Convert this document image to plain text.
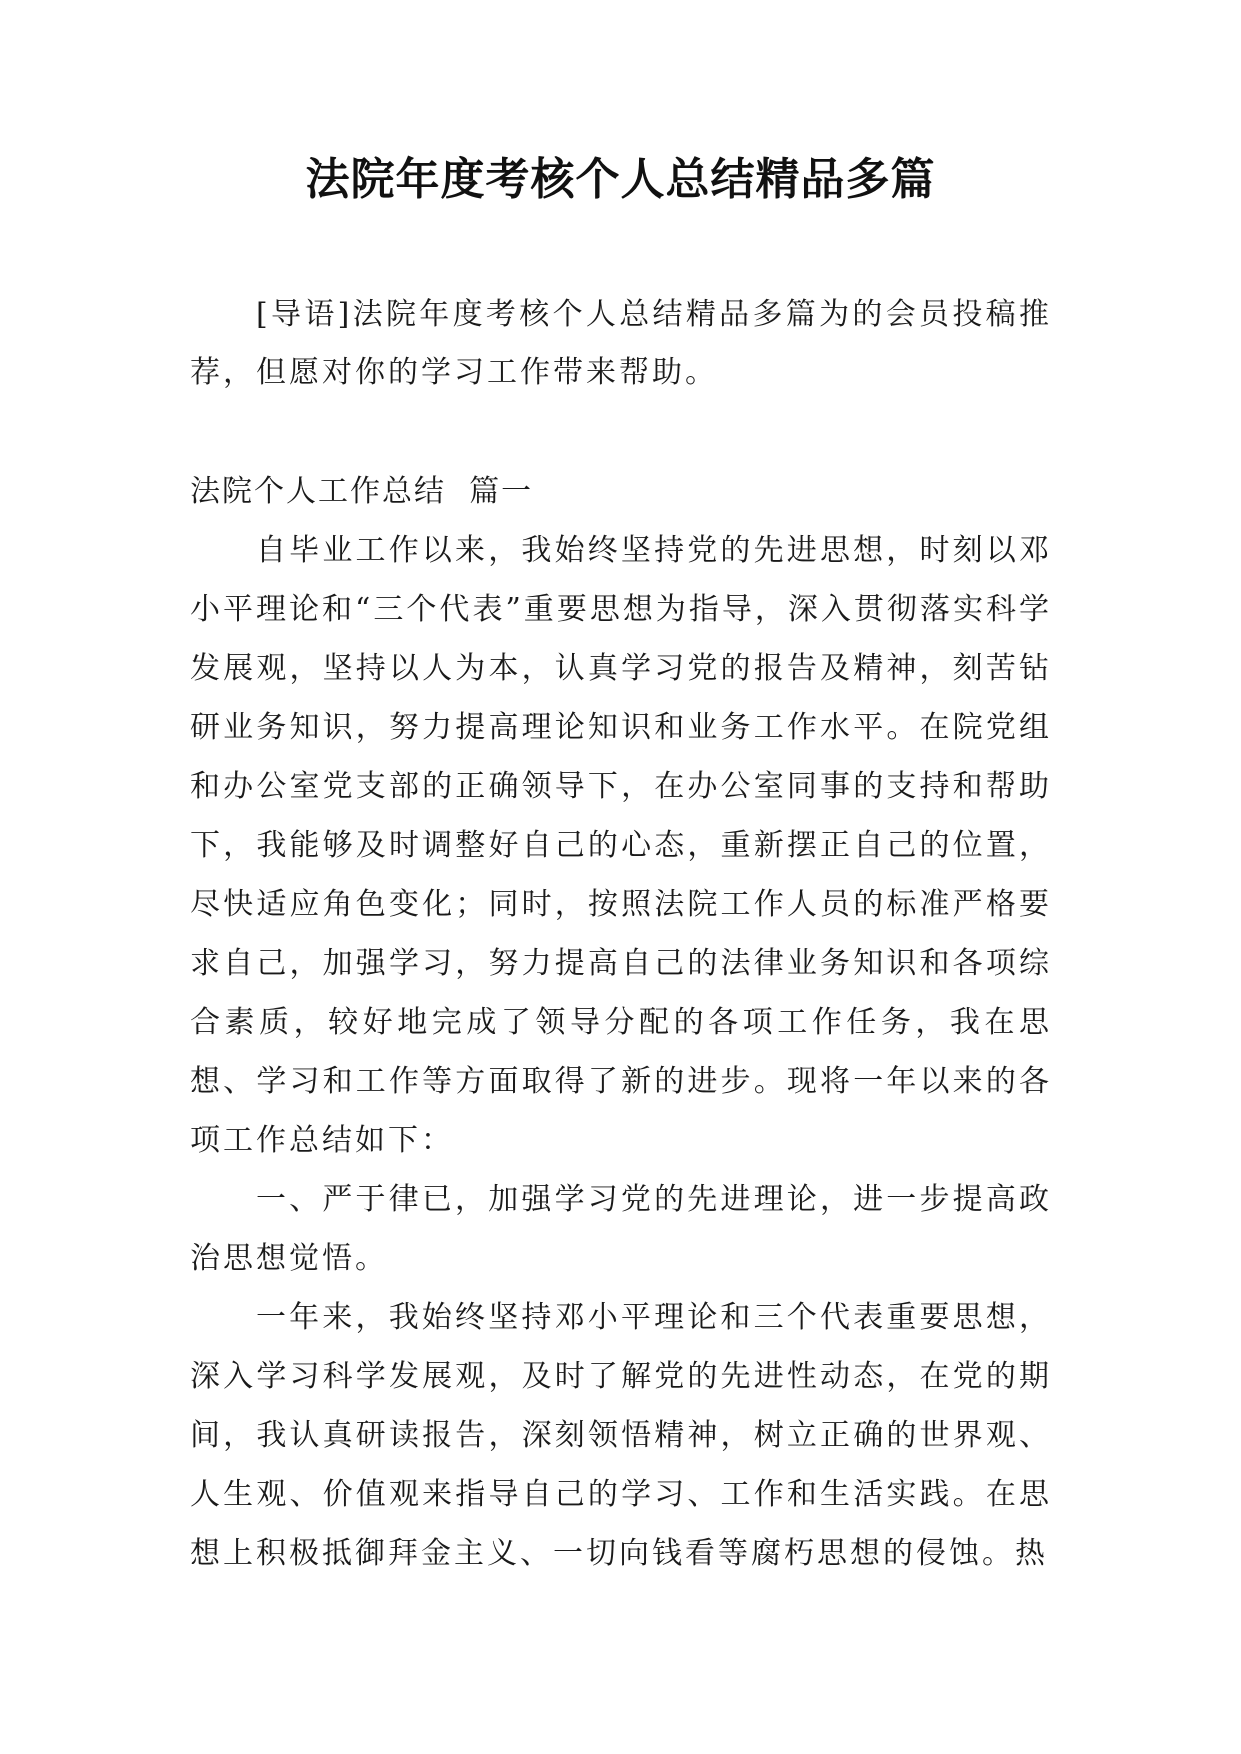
法院年度考核个人总结精品多篇

[导语]法院年度考核个人总结精品多篇为的会员投稿推荐，但愿对你的学习工作带来帮助。

法院个人工作总结  篇一

自毕业工作以来，我始终坚持党的先进思想，时刻以邓小平理论和“三个代表”重要思想为指导，深入贯彻落实科学发展观，坚持以人为本，认真学习党的报告及精神，刻苦钻研业务知识，努力提高理论知识和业务工作水平。在院党组和办公室党支部的正确领导下，在办公室同事的支持和帮助下，我能够及时调整好自己的心态，重新摆正自己的位置，尽快适应角色变化；同时，按照法院工作人员的标准严格要求自己，加强学习，努力提高自己的法律业务知识和各项综合素质，较好地完成了领导分配的各项工作任务，我在思想、学习和工作等方面取得了新的进步。现将一年以来的各项工作总结如下：

一、严于律已，加强学习党的先进理论，进一步提高政治思想觉悟。

一年来，我始终坚持邓小平理论和三个代表重要思想，深入学习科学发展观，及时了解党的先进性动态，在党的期间，我认真研读报告，深刻领悟精神，树立正确的世界观、人生观、价值观来指导自己的学习、工作和生活实践。在思想上积极抵御拜金主义、一切向钱看等腐朽思想的侵蚀。热
